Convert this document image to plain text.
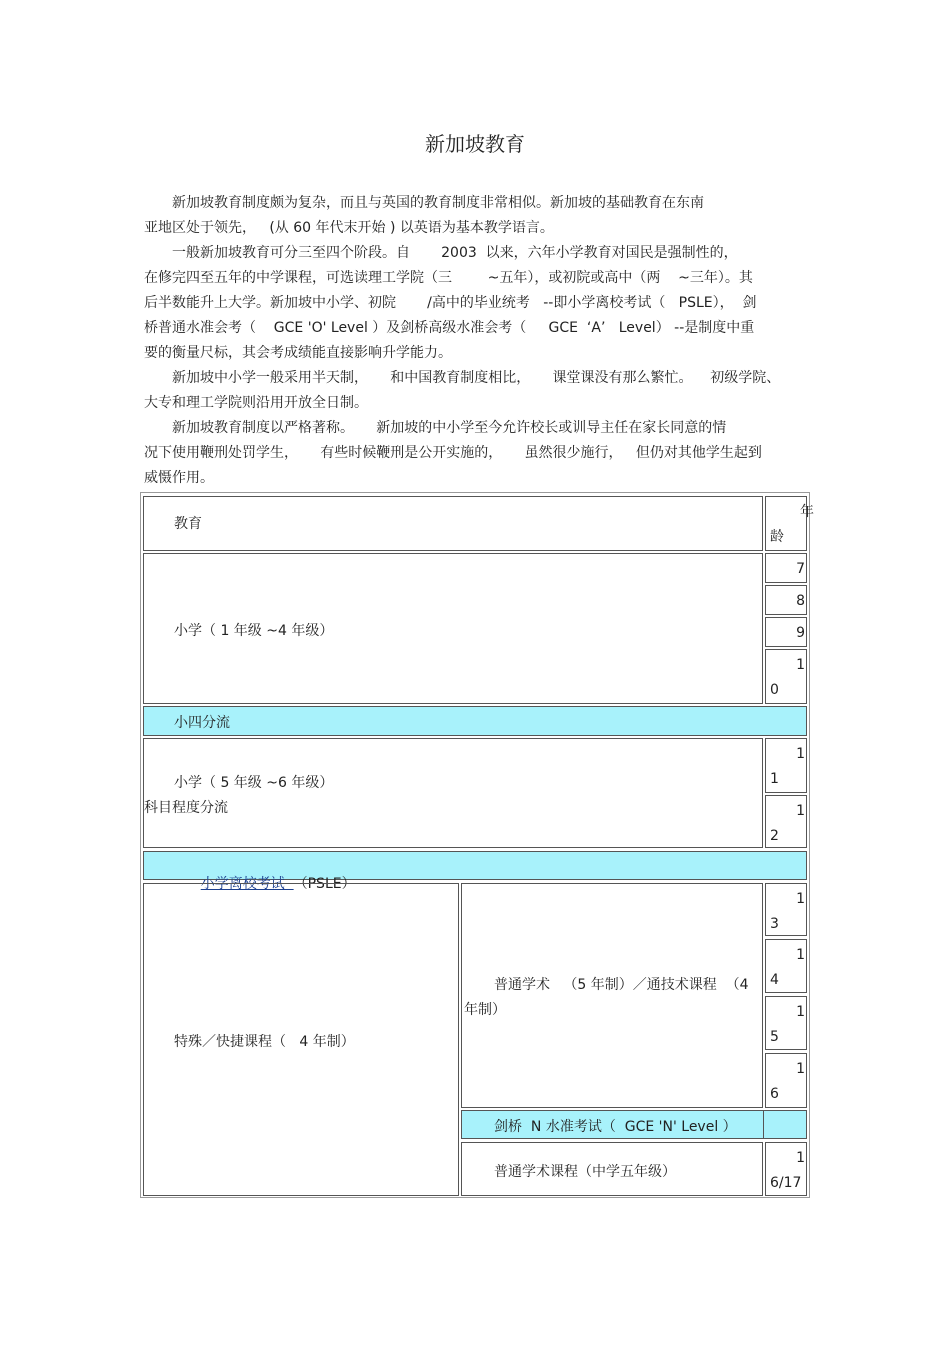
新加坡教育
新加坡教育制度颇为复杂，而且与英国的教育制度非常相似。新加坡的基础教育在东南
亚地区处于领先，   (从 60 年代末开始 ) 以英语为基本教学语言。
一般新加坡教育可分三至四个阶段。自       2003  以来，六年小学教育对国民是强制性的，
在修完四至五年的中学课程，可选读理工学院（三        ~五年），或初院或高中（两    ~三年）。其
后半数能升上大学。新加坡中小学、初院       /高中的毕业统考   --即小学离校考试（   PSLE），  剑
桥普通水准会考（    GCE 'O' Level ）及剑桥高级水准会考（     GCE  ‘A’   Level） --是制度中重
要的衡量尺标，其会考成绩能直接影响升学能力。
新加坡中小学一般采用半天制，     和中国教育制度相比，     课堂课没有那么繁忙。    初级学院、
大专和理工学院则沿用开放全日制。
新加坡教育制度以严格著称。     新加坡的中小学至今允许校长或训导主任在家长同意的情
况下使用鞭刑处罚学生，     有些时候鞭刑是公开实施的，     虽然很少施行，   但仍对其他学生起到
威慑作用。
教育
年
龄
小学（ 1 年级 ~4 年级）
7
8
9
1
0
小四分流
小学（ 5 年级 ~6 年级）
科目程度分流
1
1
1
2

小学离校考试  （PSLE）

特殊／快捷课程（   4 年制）
普通学术   （5 年制）／通技术课程  （4
年制）
1
3
1
4
1
5
1
6
剑桥  N 水准考试（  GCE 'N' Level ）
普通学术课程（中学五年级）
1
6/17
